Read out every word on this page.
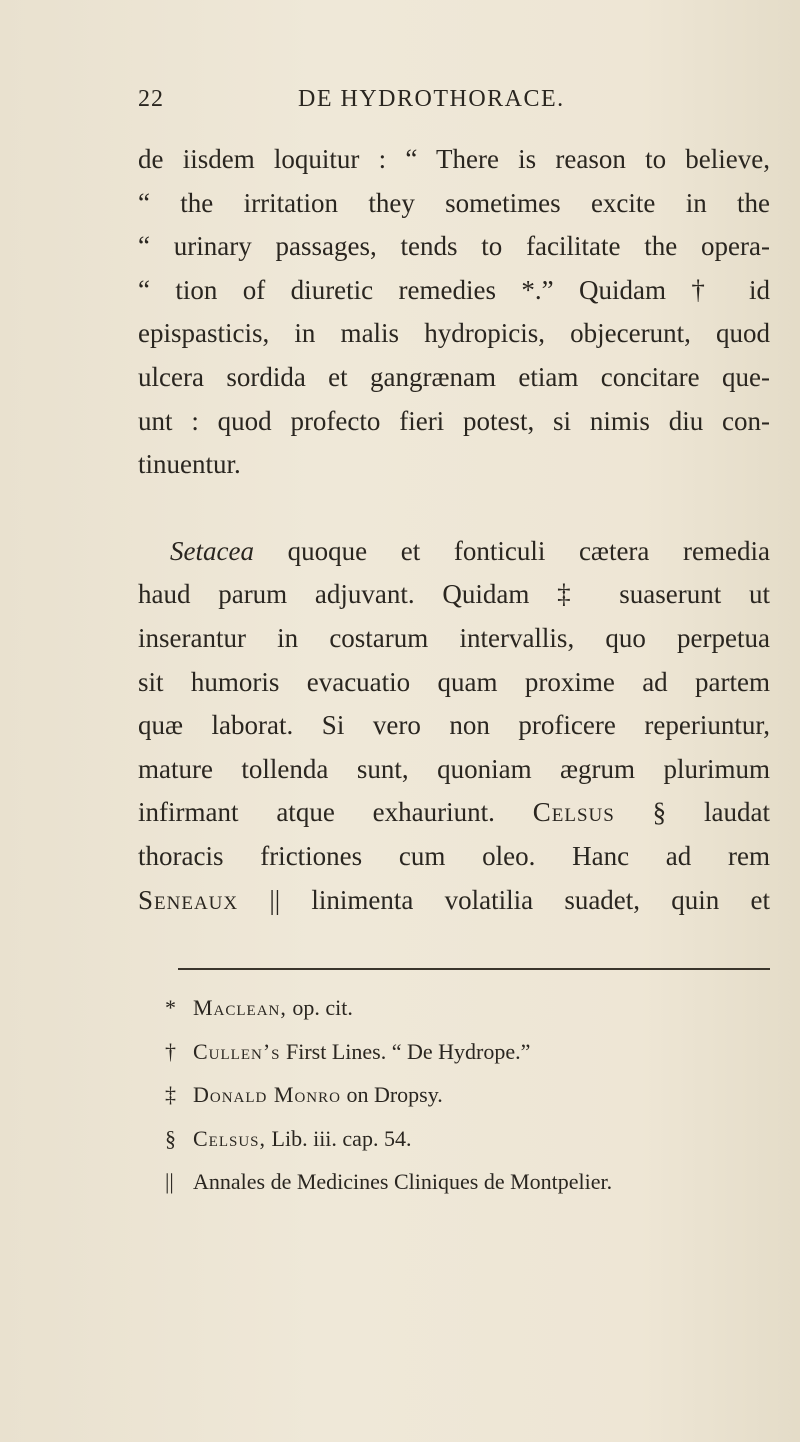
22	DE HYDROTHORACE.
de iisdem loquitur : “ There is reason to believe,
“ the irritation they sometimes excite in the
“ urinary passages, tends to facilitate the opera-
“ tion of diuretic remedies *.” Quidam † id
epispasticis, in malis hydropicis, objecerunt, quod
ulcera sordida et gangrænam etiam concitare que-
unt : quod profecto fieri potest, si nimis diu con-
tinuentur.
Setacea quoque et fonticuli cætera remedia
haud parum adjuvant. Quidam ‡ suaserunt ut
inserantur in costarum intervallis, quo perpetua
sit humoris evacuatio quam proxime ad partem
quæ laborat. Si vero non proficere reperiuntur,
mature tollenda sunt, quoniam ægrum plurimum
infirmant atque exhauriunt. Celsus § laudat
thoracis frictiones cum oleo. Hanc ad rem
Seneaux || linimenta volatilia suadet, quin et
* Maclean, op. cit.
† Cullen’s First Lines. “ De Hydrope.”
‡ Donald Monro on Dropsy.
§ Celsus, Lib. iii. cap. 54.
|| Annales de Medicines Cliniques de Montpelier.
